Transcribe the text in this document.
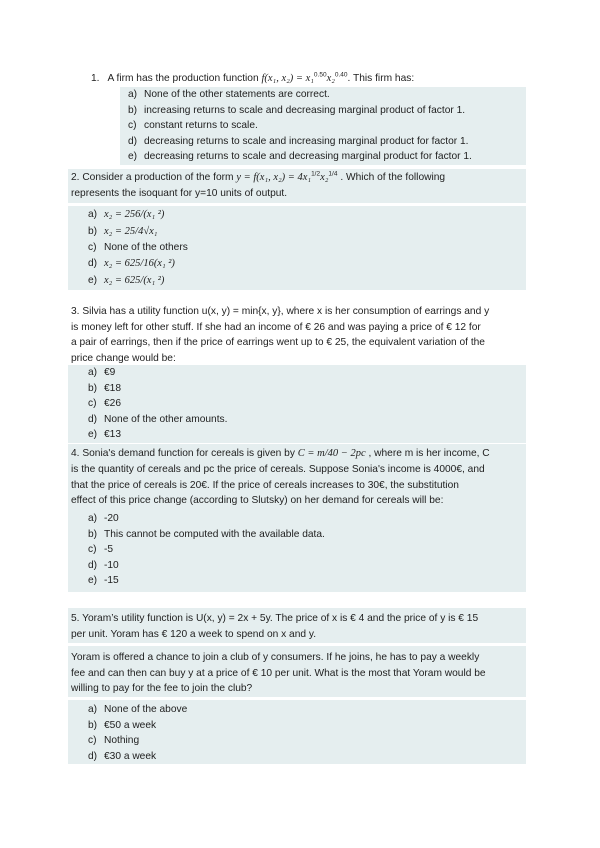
1. A firm has the production function f(x₁, x₂) = x₁$^{0.50}$x₂$^{0.40}$. This firm has:
a) None of the other statements are correct.
b) increasing returns to scale and decreasing marginal product of factor 1.
c) constant returns to scale.
d) decreasing returns to scale and increasing marginal product for factor 1.
e) decreasing returns to scale and decreasing marginal product for factor 1.
2. Consider a production of the form y = f(x₁, x₂) = 4x₁$^{1/2}$x₂$^{1/4}$ . Which of the following
represents the isoquant for y=10 units of output.
a) x₂ = 256/(x₁ ²)
b) x₂ = 25/4√x₁
c) None of the others
d) x₂ = 625/16(x₁ ²)
e) x₂ = 625/(x₁ ²)
3. Silvia has a utility function u(x, y) = min{x, y}, where x is her consumption of earrings and y
is money left for other stuff. If she had an income of € 26 and was paying a price of € 12 for
a pair of earrings, then if the price of earrings went up to € 25, the equivalent variation of the
price change would be:
a) €9
b) €18
c) €26
d) None of the other amounts.
e) €13
4. Sonia's demand function for cereals is given by C = m/40 − 2pc , where m is her income, C
is the quantity of cereals and pc the price of cereals. Suppose Sonia's income is 4000€, and
that the price of cereals is 20€. If the price of cereals increases to 30€, the substitution
effect of this price change (according to Slutsky) on her demand for cereals will be:
a) -20
b) This cannot be computed with the available data.
c) -5
d) -10
e) -15
5. Yoram’s utility function is U(x, y) = 2x + 5y. The price of x is € 4 and the price of y is € 15
per unit. Yoram has € 120 a week to spend on x and y.
Yoram is offered a chance to join a club of y consumers. If he joins, he has to pay a weekly
fee and can then can buy y at a price of € 10 per unit. What is the most that Yoram would be
willing to pay for the fee to join the club?
a) None of the above
b) €50 a week
c) Nothing
d) €30 a week
